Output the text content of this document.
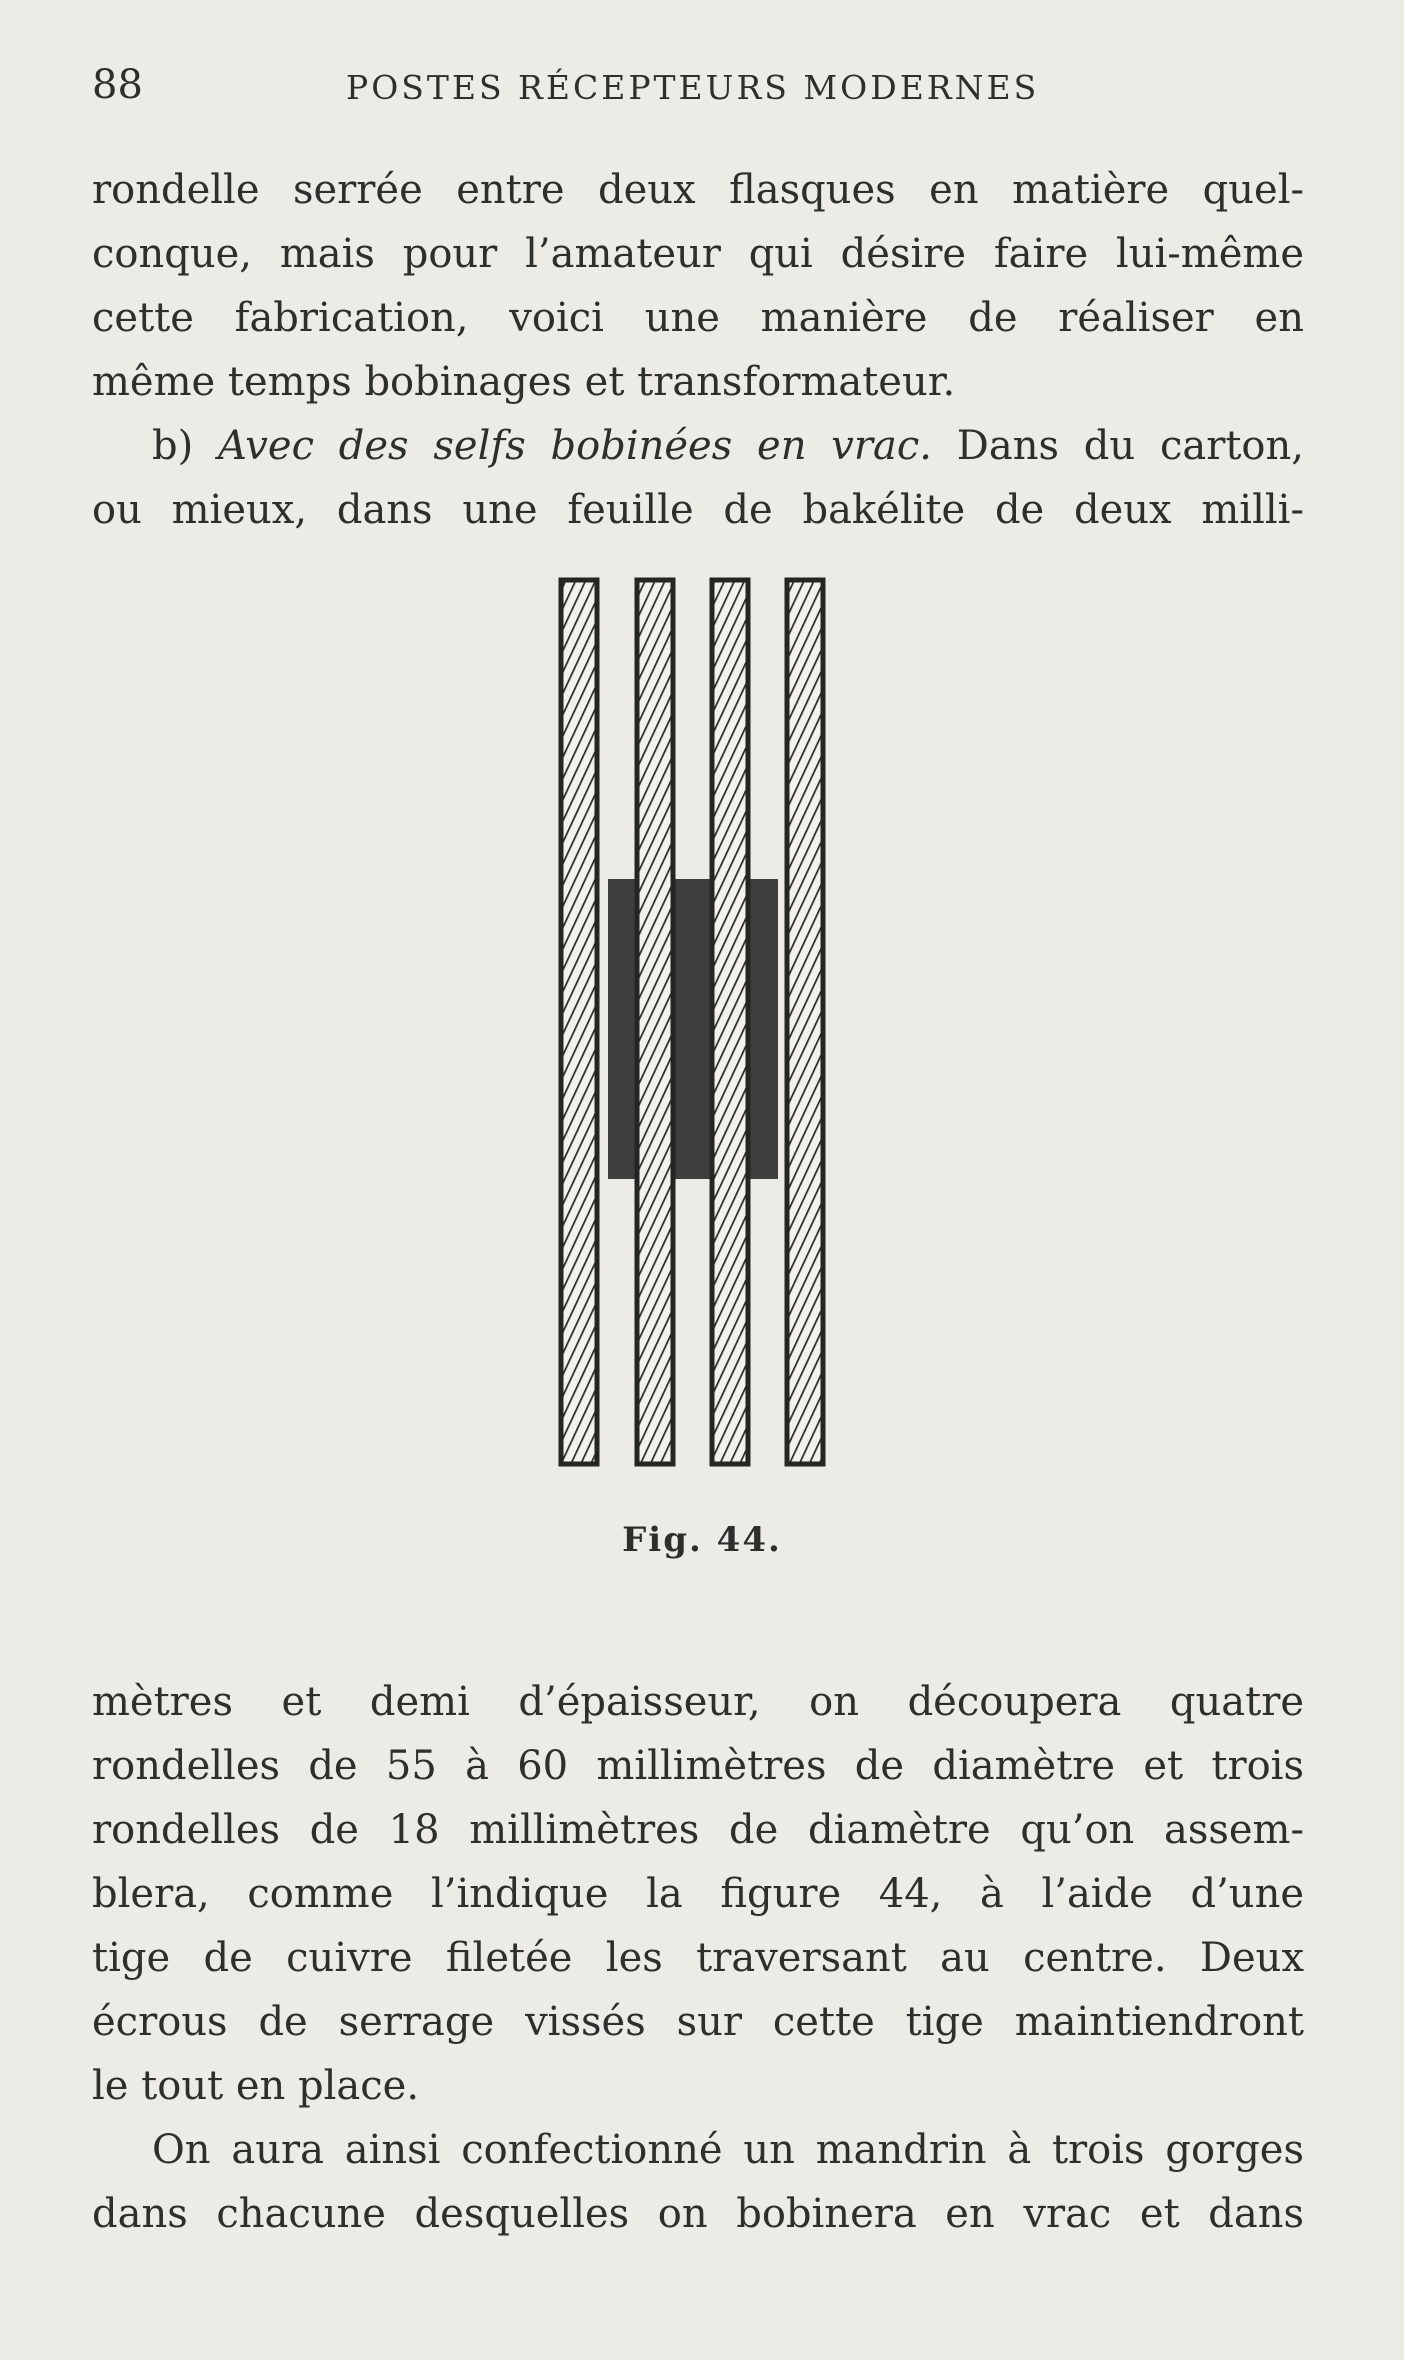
88	POSTES RÉCEPTEURS MODERNES
rondelle serrée entre deux flasques en matière quel-
conque, mais pour l’amateur qui désire faire lui-même
cette fabrication, voici une manière de réaliser en
même temps bobinages et transformateur.
b) Avec des selfs bobinées en vrac. Dans du carton,
ou mieux, dans une feuille de bakélite de deux milli-
Fig. 44.
mètres et demi d’épaisseur, on découpera quatre
rondelles de 55 à 60 millimètres de diamètre et trois
rondelles de 18 millimètres de diamètre qu’on assem-
blera, comme l’indique la figure 44, à l’aide d’une
tige de cuivre filetée les traversant au centre. Deux
écrous de serrage vissés sur cette tige maintiendront
le tout en place.
On aura ainsi confectionné un mandrin à trois gorges
dans chacune desquelles on bobinera en vrac et dans
